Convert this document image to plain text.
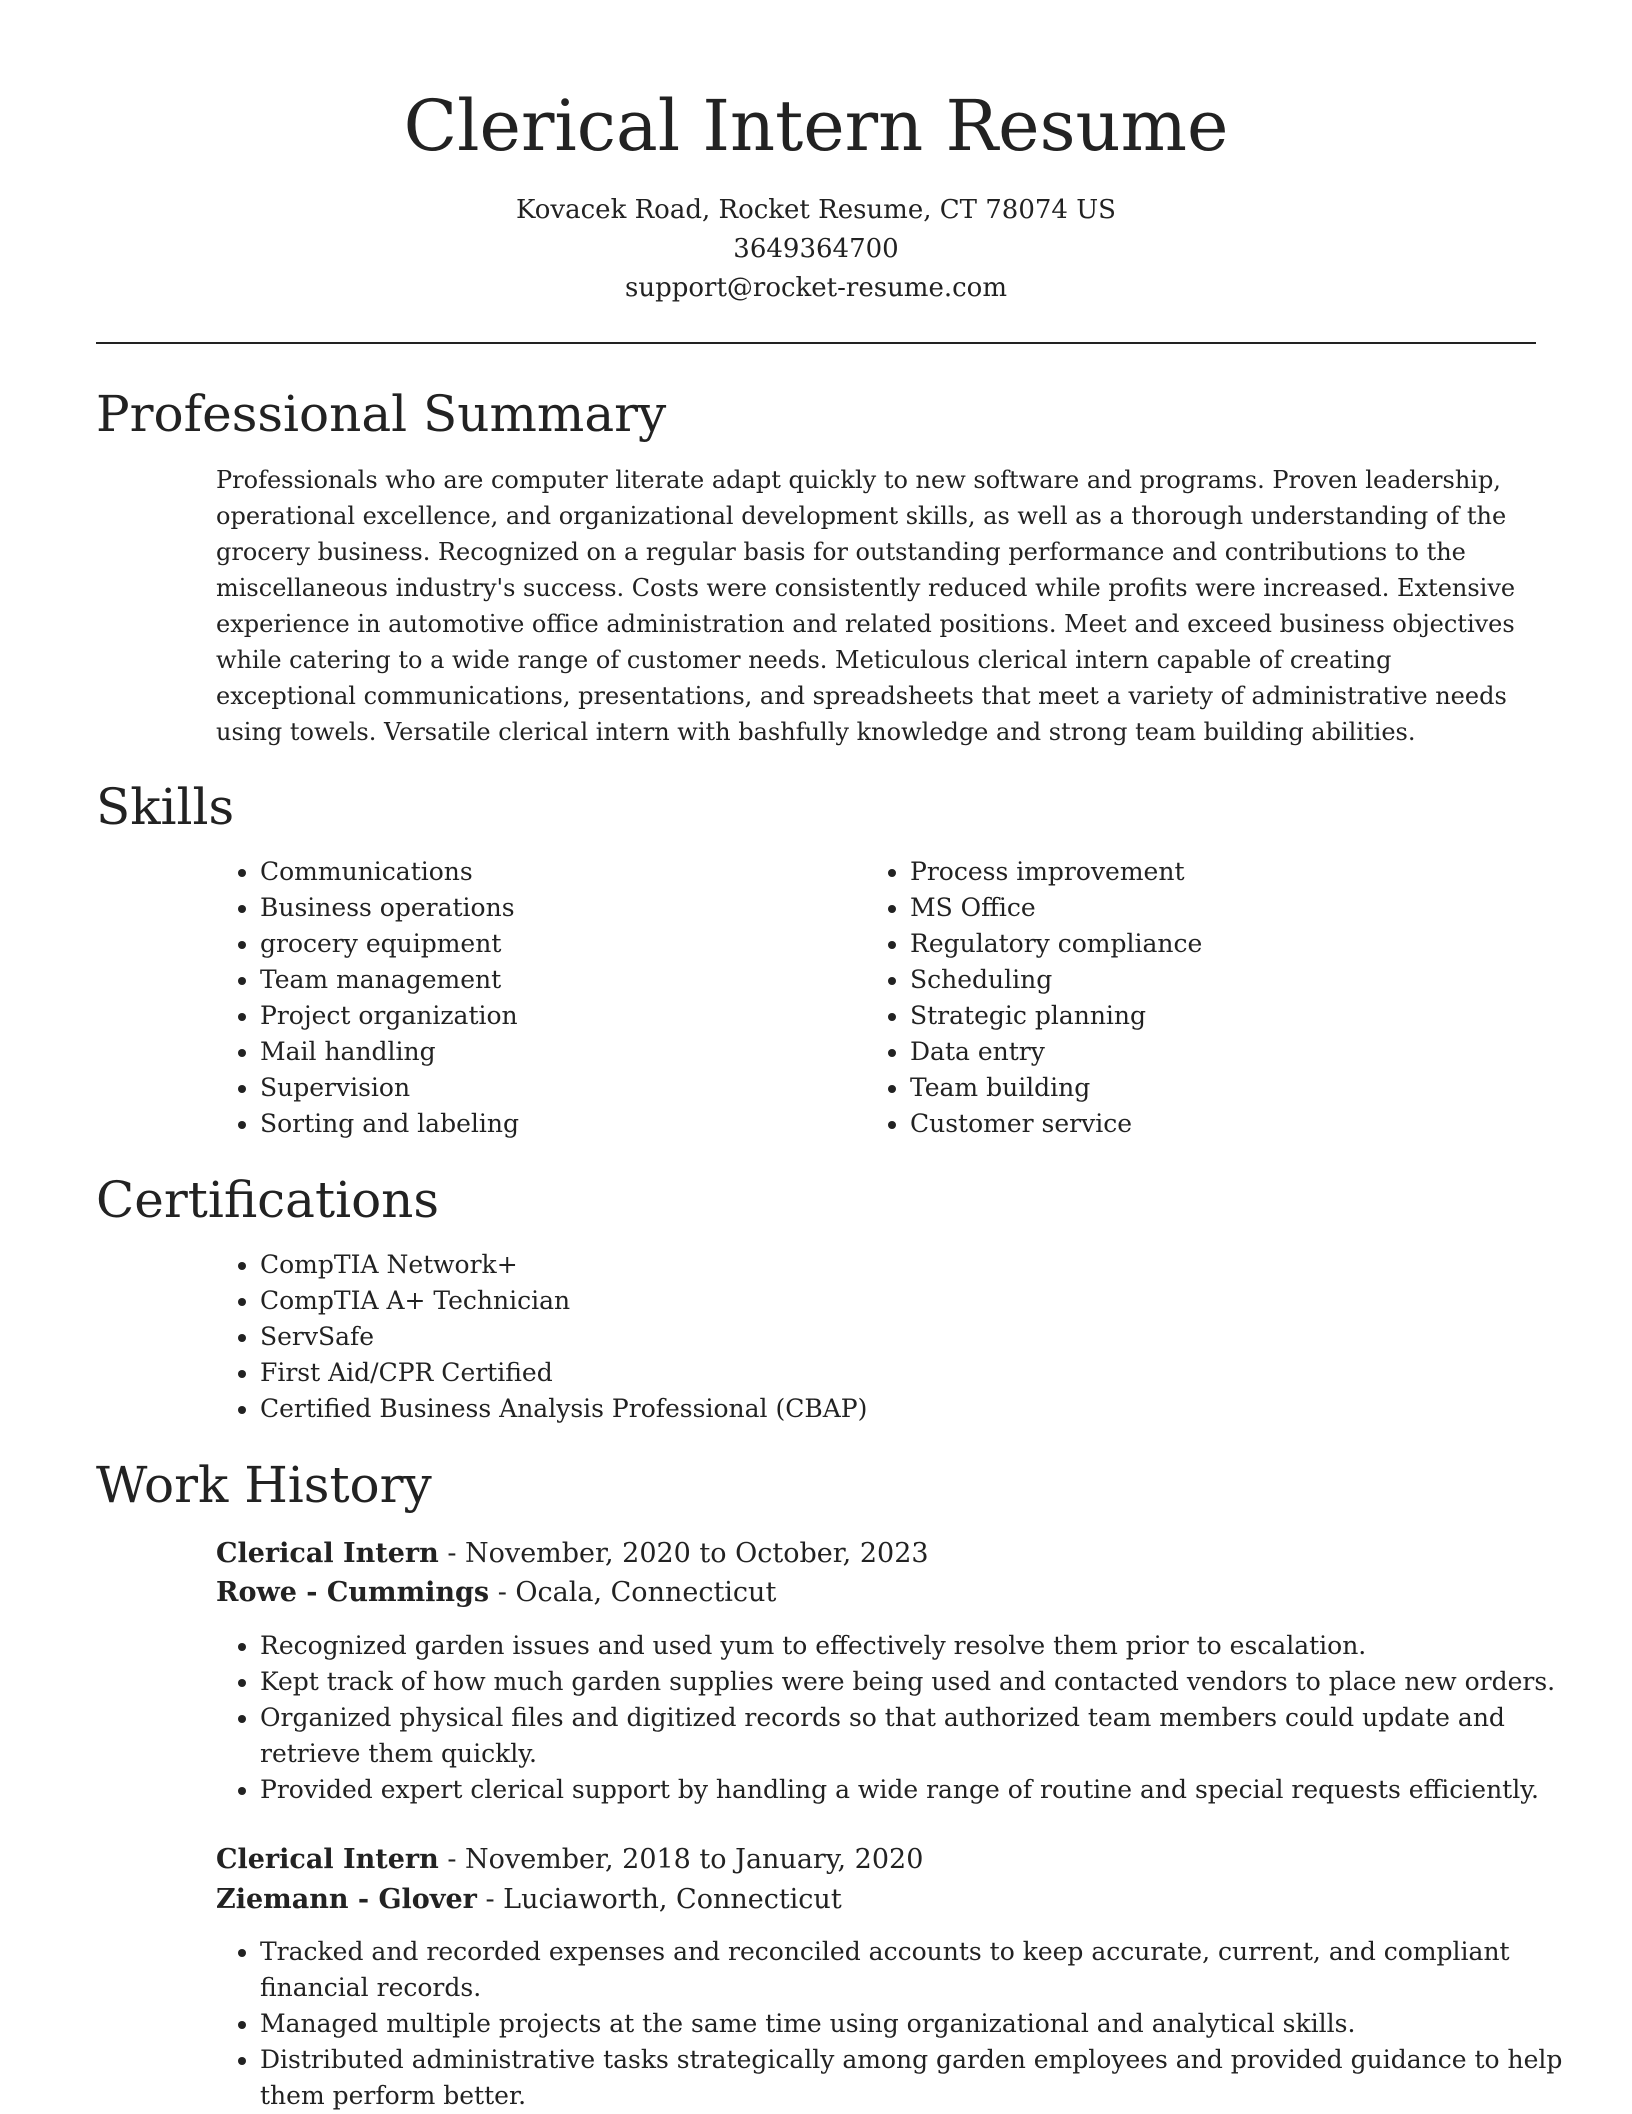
Clerical Intern Resume

Kovacek Road, Rocket Resume, CT 78074 US

3649364700

support@rocket-resume.com

Professional Summary

Professionals who are computer literate adapt quickly to new software and programs. Proven leadership, operational excellence, and organizational development skills, as well as a thorough understanding of the grocery business. Recognized on a regular basis for outstanding performance and contributions to the miscellaneous industry's success. Costs were consistently reduced while profits were increased. Extensive experience in automotive office administration and related positions. Meet and exceed business objectives while catering to a wide range of customer needs. Meticulous clerical intern capable of creating exceptional communications, presentations, and spreadsheets that meet a variety of administrative needs using towels. Versatile clerical intern with bashfully knowledge and strong team building abilities.

Skills
• Communications
• Business operations
• grocery equipment
• Team management
• Project organization
• Mail handling
• Supervision
• Sorting and labeling
• Process improvement
• MS Office
• Regulatory compliance
• Scheduling
• Strategic planning
• Data entry
• Team building
• Customer service
Certifications
• CompTIA Network+
• CompTIA A+ Technician
• ServSafe
• First Aid/CPR Certified
• Certified Business Analysis Professional (CBAP)
Work History

Clerical Intern - November, 2020 to October, 2023

Rowe - Cummings - Ocala, Connecticut

• Recognized garden issues and used yum to effectively resolve them prior to escalation.
• Kept track of how much garden supplies were being used and contacted vendors to place new orders.
• Organized physical files and digitized records so that authorized team members could update and retrieve them quickly.
• Provided expert clerical support by handling a wide range of routine and special requests efficiently.

Clerical Intern - November, 2018 to January, 2020

Ziemann - Glover - Luciaworth, Connecticut

• Tracked and recorded expenses and reconciled accounts to keep accurate, current, and compliant financial records.
• Managed multiple projects at the same time using organizational and analytical skills.
• Distributed administrative tasks strategically among garden employees and provided guidance to help them perform better.
